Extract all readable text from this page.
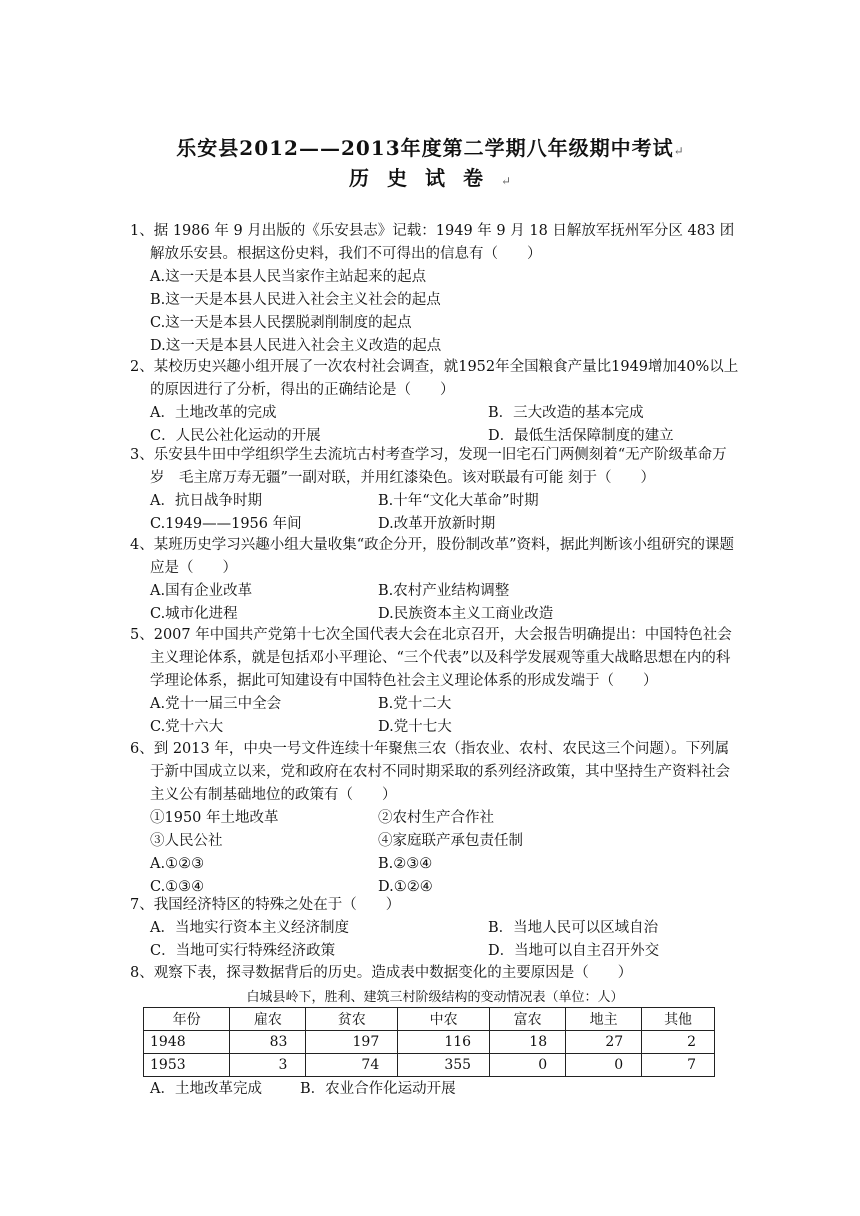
乐安县2012——2013年度第二学期八年级期中考试↵
历史试卷↵
1、据 1986 年 9 月出版的《乐安县志》记载：1949 年 9 月 18 日解放军抚州军分区 483 团解放乐安县。根据这份史料，我们不可得出的信息有（　　）
A.这一天是本县人民当家作主站起来的起点
B.这一天是本县人民进入社会主义社会的起点
C.这一天是本县人民摆脱剥削制度的起点
D.这一天是本县人民进入社会主义改造的起点
2、某校历史兴趣小组开展了一次农村社会调查，就1952年全国粮食产量比1949增加40%以上的原因进行了分析，得出的正确结论是（　　）
A．土地改革的完成	B．三大改造的基本完成
C．人民公社化运动的开展	D．最低生活保障制度的建立
3、乐安县牛田中学组织学生去流坑古村考查学习，发现一旧宅石门两侧刻着“无产阶级革命万岁　毛主席万寿无疆”一副对联，并用红漆染色。该对联最有可能 刻于（　　）
A．抗日战争时期	B.十年“文化大革命”时期
C.1949——1956 年间	D.改革开放新时期
4、某班历史学习兴趣小组大量收集“政企分开，股份制改革”资料，据此判断该小组研究的课题应是（　　）
A.国有企业改革	B.农村产业结构调整
C.城市化进程	D.民族资本主义工商业改造
5、2007 年中国共产党第十七次全国代表大会在北京召开，大会报告明确提出：中国特色社会主义理论体系，就是包括邓小平理论、“三个代表”以及科学发展观等重大战略思想在内的科学理论体系，据此可知建设有中国特色社会主义理论体系的形成发端于（　　）
A.党十一届三中全会	B.党十二大
C.党十六大	D.党十七大
6、到 2013 年，中央一号文件连续十年聚焦三农（指农业、农村、农民这三个问题）。下列属于新中国成立以来，党和政府在农村不同时期采取的系列经济政策，其中坚持生产资料社会主义公有制基础地位的政策有（　　）
①1950 年土地改革	②农村生产合作社
③人民公社	④家庭联产承包责任制
A.①②③	B.②③④
C.①③④	D.①②④
7、我国经济特区的特殊之处在于（　　）
A．当地实行资本主义经济制度	B．当地人民可以区域自治
C．当地可实行特殊经济政策	D．当地可以自主召开外交
8、观察下表，探寻数据背后的历史。造成表中数据变化的主要原因是（　　）
白城县岭下，胜利、建筑三村阶级结构的变动情况表（单位：人）
年份	雇农	贫农	中农	富农	地主	其他
1948	83	197	116	18	27	2
1953	3	74	355	0	0	7
A．土地改革完成	B．农业合作化运动开展
